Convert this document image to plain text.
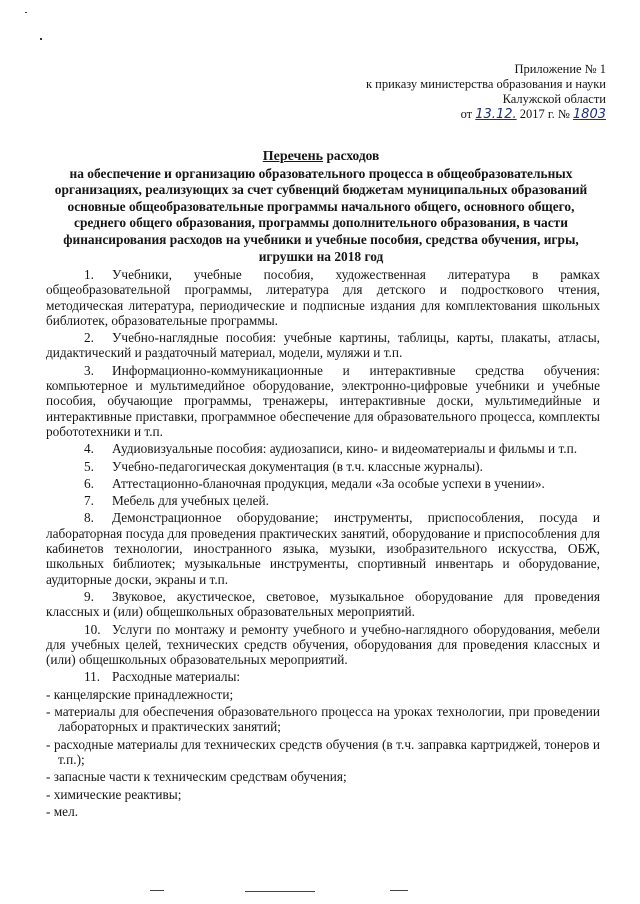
Приложение № 1
к приказу министерства образования и науки
Калужской области
от 13.12. 2017 г. № 1803
Перечень расходов
на обеспечение и организацию образовательного процесса в общеобразовательных
организациях, реализующих за счет субвенций бюджетам муниципальных образований
основные общеобразовательные программы начального общего, основного общего,
среднего общего образования, программы дополнительного образования, в части
финансирования расходов на учебники и учебные пособия, средства обучения, игры,
игрушки на 2018 год

1. Учебники, учебные пособия, художественная литература в рамках общеобразовательной программы, литература для детского и подросткового чтения, методическая литература, периодические и подписные издания для комплектования школьных библиотек, образовательные программы.

2. Учебно-наглядные пособия: учебные картины, таблицы, карты, плакаты, атласы, дидактический и раздаточный материал, модели, муляжи и т.п.

3. Информационно-коммуникационные и интерактивные средства обучения: компьютерное и мультимедийное оборудование, электронно-цифровые учебники и учебные пособия, обучающие программы, тренажеры, интерактивные доски, мультимедийные и интерактивные приставки, программное обеспечение для образовательного процесса, комплекты робототехники и т.п.

4. Аудиовизуальные пособия: аудиозаписи, кино- и видеоматериалы и фильмы и т.п.

5. Учебно-педагогическая документация (в т.ч. классные журналы).

6. Аттестационно-бланочная продукция, медали «За особые успехи в учении».

7. Мебель для учебных целей.

8. Демонстрационное оборудование; инструменты, приспособления, посуда и лабораторная посуда для проведения практических занятий, оборудование и приспособления для кабинетов технологии, иностранного языка, музыки, изобразительного искусства, ОБЖ, школьных библиотек; музыкальные инструменты, спортивный инвентарь и оборудование, аудиторные доски, экраны и т.п.

9. Звуковое, акустическое, световое, музыкальное оборудование для проведения классных и (или) общешкольных образовательных мероприятий.

10. Услуги по монтажу и ремонту учебного и учебно-наглядного оборудования, мебели для учебных целей, технических средств обучения, оборудования для проведения классных и (или) общешкольных образовательных мероприятий.

11. Расходные материалы:

- канцелярские принадлежности;

- материалы для обеспечения образовательного процесса на уроках технологии, при проведении лабораторных и практических занятий;

- расходные материалы для технических средств обучения (в т.ч. заправка картриджей, тонеров и т.п.);

- запасные части к техническим средствам обучения;

- химические реактивы;

- мел.
